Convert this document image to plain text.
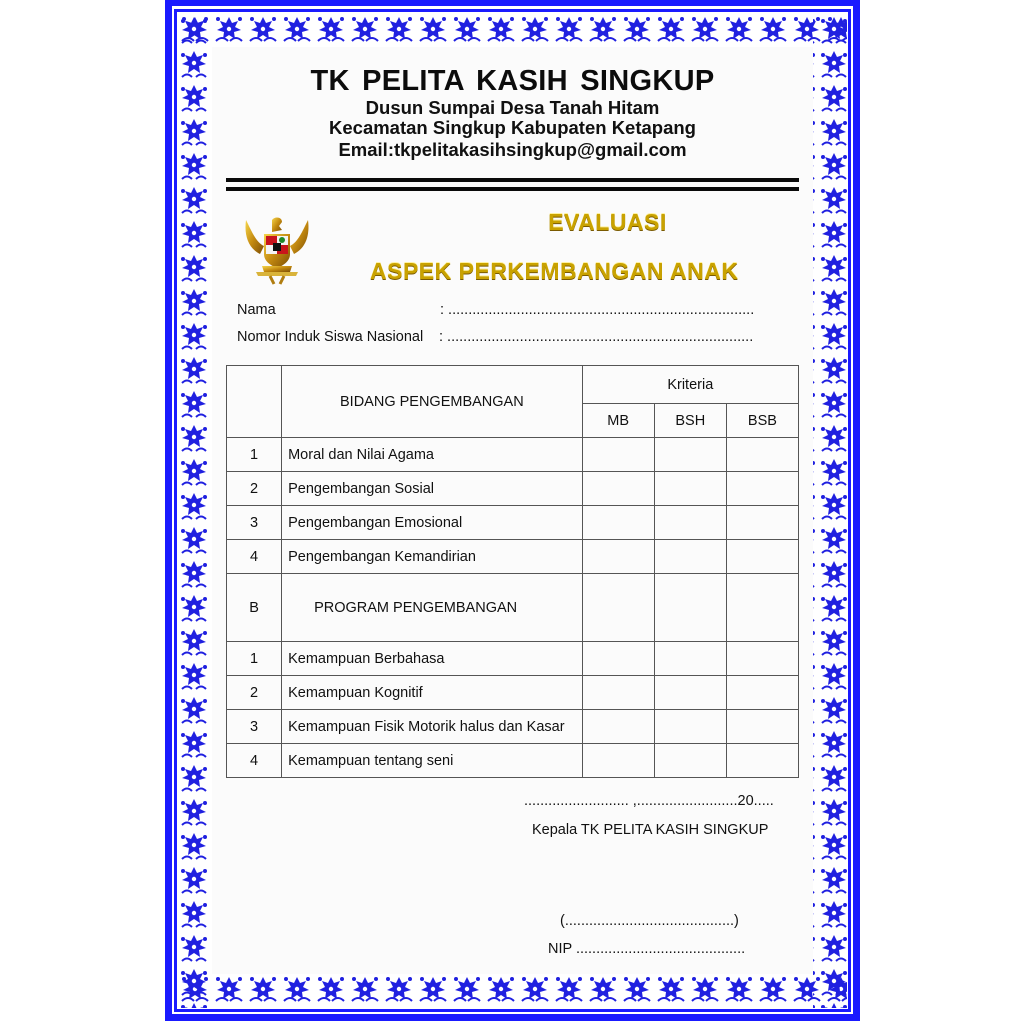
TK PELITA KASIH SINGKUP
Dusun Sumpai Desa Tanah Hitam
Kecamatan Singkup Kabupaten Ketapang
Email:tkpelitakasihsingkup@gmail.com
EVALUASI
ASPEK PERKEMBANGAN ANAK
Nama	: ............................................................................
Nomor Induk Siswa Nasional : ............................................................................
	BIDANG PENGEMBANGAN	Kriteria		
		MB	BSH	BSB
1	Moral dan Nilai Agama			
2	Pengembangan Sosial			
3	Pengembangan Emosional			
4	Pengembangan Kemandirian			
B	PROGRAM PENGEMBANGAN			
1	Kemampuan Berbahasa			
2	Kemampuan Kognitif			
3	Kemampuan Fisik Motorik halus dan Kasar			
4	Kemampuan tentang seni			
.......................... ,.........................20.....
Kepala TK PELITA KASIH SINGKUP
(..........................................)
NIP ..........................................
